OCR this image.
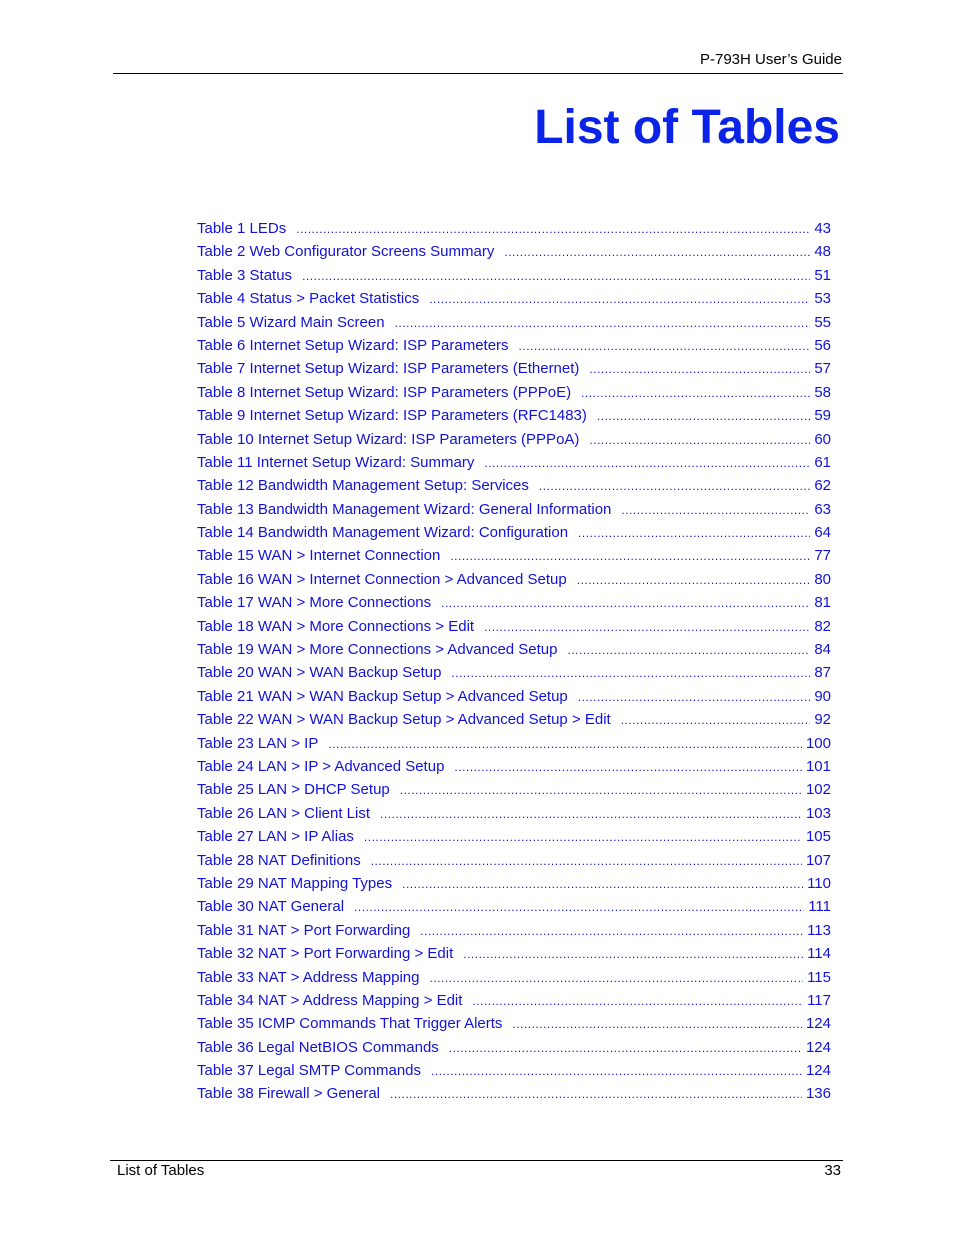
P-793H User’s Guide
List of Tables
Table 1 LEDs .....	43
Table 2 Web Configurator Screens Summary .....	48
Table 3 Status .....	51
Table 4 Status > Packet Statistics .....	53
Table 5 Wizard Main Screen .....	55
Table 6 Internet Setup Wizard: ISP Parameters .....	56
Table 7 Internet Setup Wizard: ISP Parameters (Ethernet) .....	57
Table 8 Internet Setup Wizard: ISP Parameters (PPPoE) .....	58
Table 9 Internet Setup Wizard: ISP Parameters (RFC1483) .....	59
Table 10 Internet Setup Wizard: ISP Parameters (PPPoA) .....	60
Table 11 Internet Setup Wizard: Summary .....	61
Table 12 Bandwidth Management Setup: Services .....	62
Table 13 Bandwidth Management Wizard: General Information .....	63
Table 14 Bandwidth Management Wizard: Configuration .....	64
Table 15 WAN > Internet Connection .....	77
Table 16 WAN > Internet Connection > Advanced Setup .....	80
Table 17 WAN > More Connections .....	81
Table 18 WAN > More Connections > Edit .....	82
Table 19 WAN > More Connections > Advanced Setup .....	84
Table 20 WAN > WAN Backup Setup .....	87
Table 21 WAN > WAN Backup Setup > Advanced Setup .....	90
Table 22 WAN > WAN Backup Setup > Advanced Setup > Edit .....	92
Table 23 LAN > IP .....	100
Table 24 LAN > IP > Advanced Setup .....	101
Table 25 LAN > DHCP Setup .....	102
Table 26 LAN > Client List .....	103
Table 27 LAN > IP Alias .....	105
Table 28 NAT Definitions .....	107
Table 29 NAT Mapping Types .....	110
Table 30 NAT General .....	111
Table 31 NAT > Port Forwarding .....	113
Table 32 NAT > Port Forwarding > Edit .....	114
Table 33 NAT > Address Mapping .....	115
Table 34 NAT > Address Mapping > Edit .....	117
Table 35 ICMP Commands That Trigger Alerts .....	124
Table 36 Legal NetBIOS Commands .....	124
Table 37 Legal SMTP Commands .....	124
Table 38 Firewall > General .....	136
List of Tables	33
